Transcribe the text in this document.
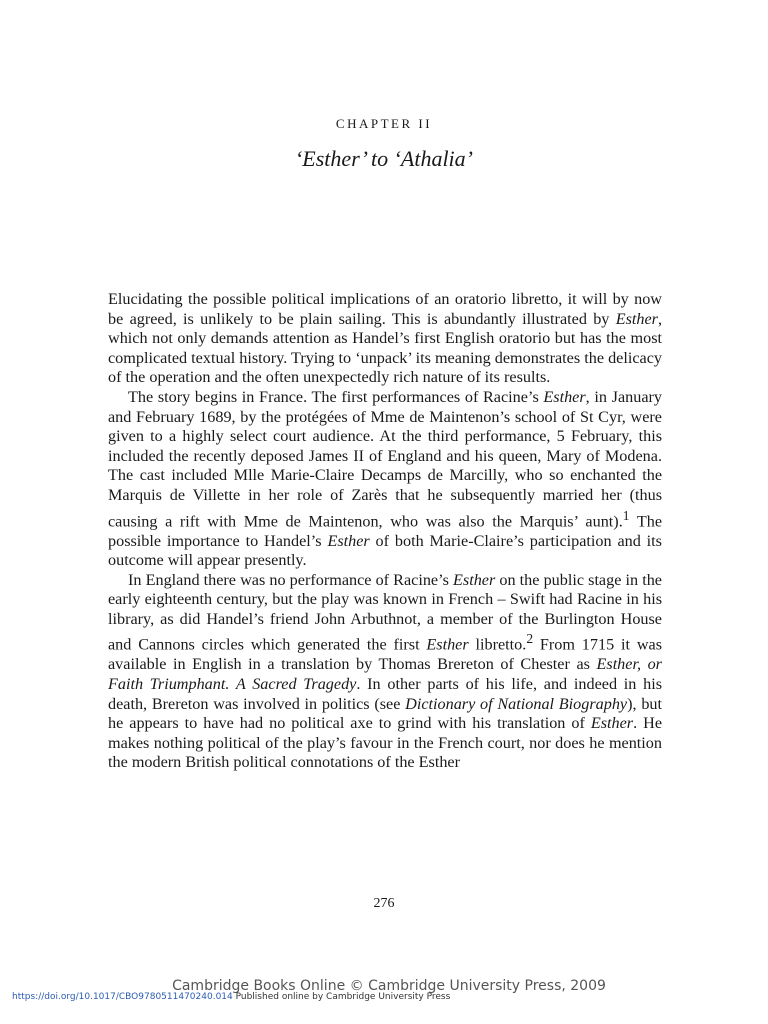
CHAPTER II
‘Esther’ to ‘Athalia’

Elucidating the possible political implications of an oratorio libretto, it will by now be agreed, is unlikely to be plain sailing. This is abundantly illustrated by Esther, which not only demands attention as Handel’s first English oratorio but has the most complicated textual history. Trying to ‘unpack’ its meaning demonstrates the delicacy of the operation and the often unexpectedly rich nature of its results.

The story begins in France. The first performances of Racine’s Esther, in January and February 1689, by the protégées of Mme de Maintenon’s school of St Cyr, were given to a highly select court audience. At the third performance, 5 February, this included the recently deposed James II of England and his queen, Mary of Modena. The cast included Mlle Marie-Claire Decamps de Marcilly, who so enchanted the Marquis de Villette in her role of Zarès that he subsequently married her (thus causing a rift with Mme de Maintenon, who was also the Marquis’ aunt).$^1$ The possible importance to Handel’s Esther of both Marie-Claire’s participation and its outcome will appear presently.

In England there was no performance of Racine’s Esther on the public stage in the early eighteenth century, but the play was known in French – Swift had Racine in his library, as did Handel’s friend John Arbuthnot, a member of the Burlington House and Cannons circles which generated the first Esther libretto.$^2$ From 1715 it was available in English in a translation by Thomas Brereton of Chester as Esther, or Faith Triumphant. A Sacred Tragedy. In other parts of his life, and indeed in his death, Brereton was involved in politics (see Dictionary of National Biography), but he appears to have had no political axe to grind with his translation of Esther. He makes nothing political of the play’s favour in the French court, nor does he mention the modern British political connotations of the Esther

276
Cambridge Books Online © Cambridge University Press, 2009
https://doi.org/10.1017/CBO9780511470240.014 Published online by Cambridge University Press
